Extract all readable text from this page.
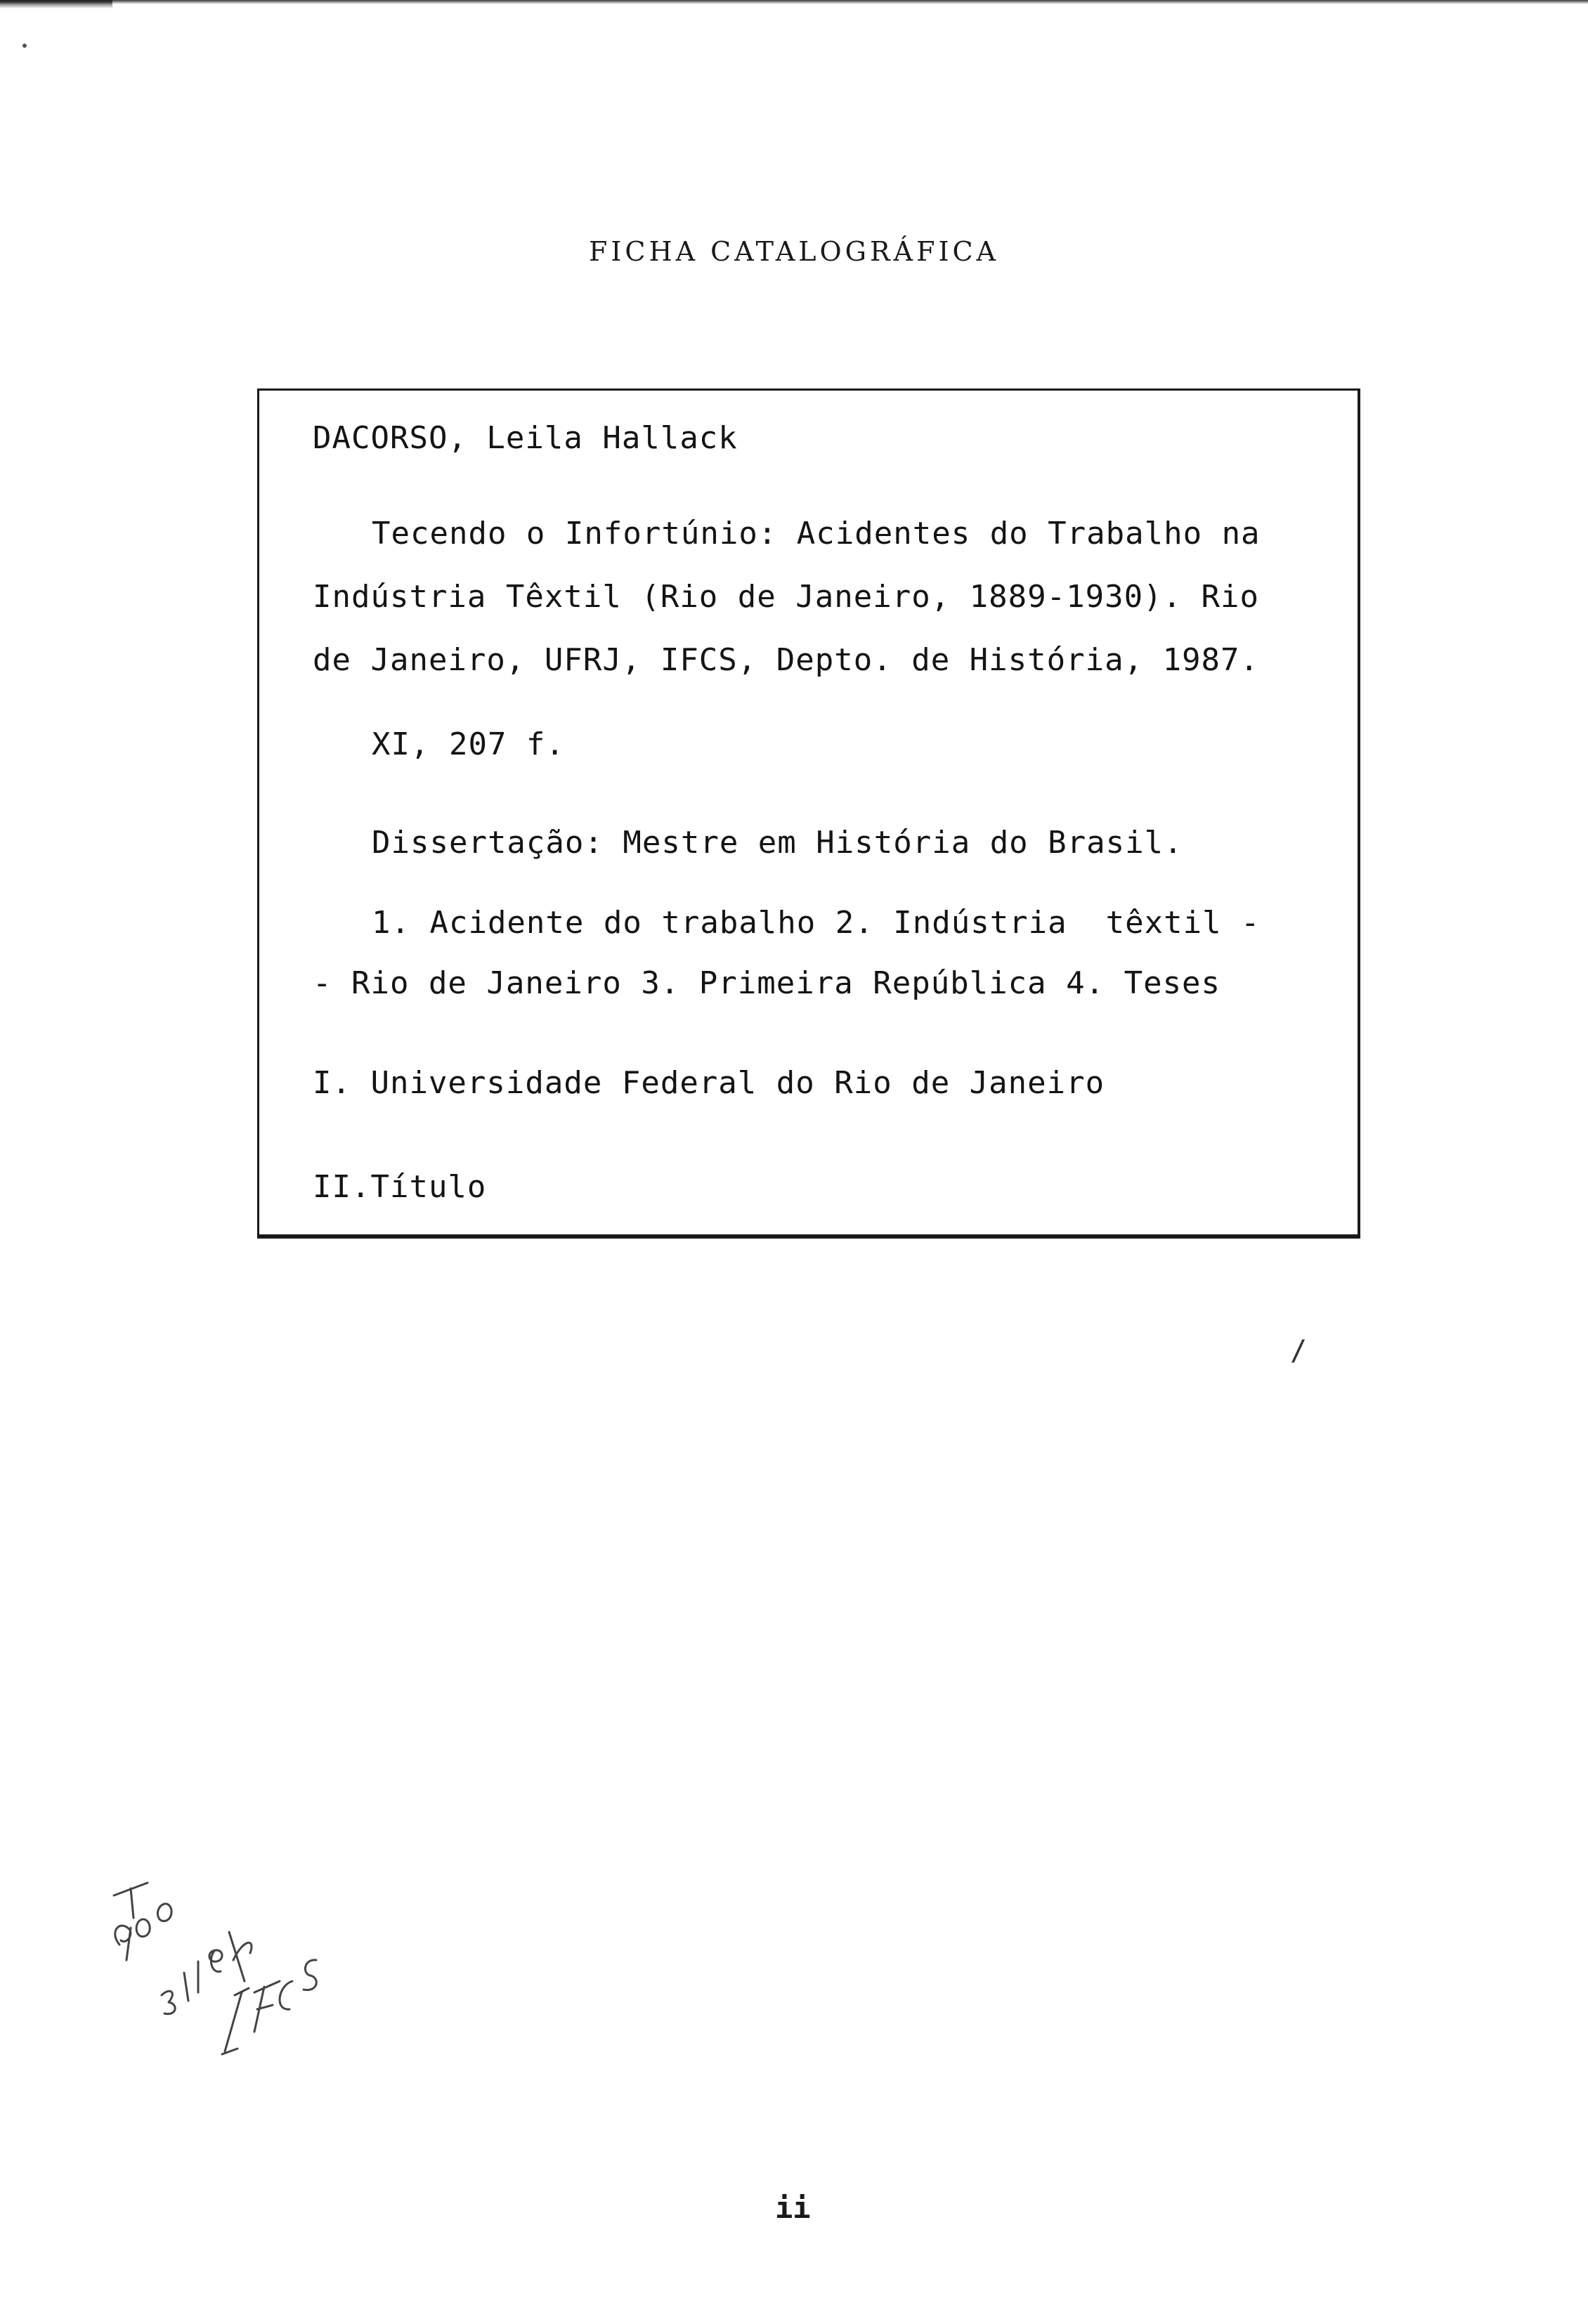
FICHA CATALOGRÁFICA
DACORSO, Leila Hallack
Tecendo o Infortúnio: Acidentes do Trabalho na
Indústria Têxtil (Rio de Janeiro, 1889-1930). Rio
de Janeiro, UFRJ, IFCS, Depto. de História, 1987.
XI, 207 f.
Dissertação: Mestre em História do Brasil.
1. Acidente do trabalho 2. Indústria  têxtil -
- Rio de Janeiro 3. Primeira República 4. Teses
I. Universidade Federal do Rio de Janeiro
II.Título
/
ii
